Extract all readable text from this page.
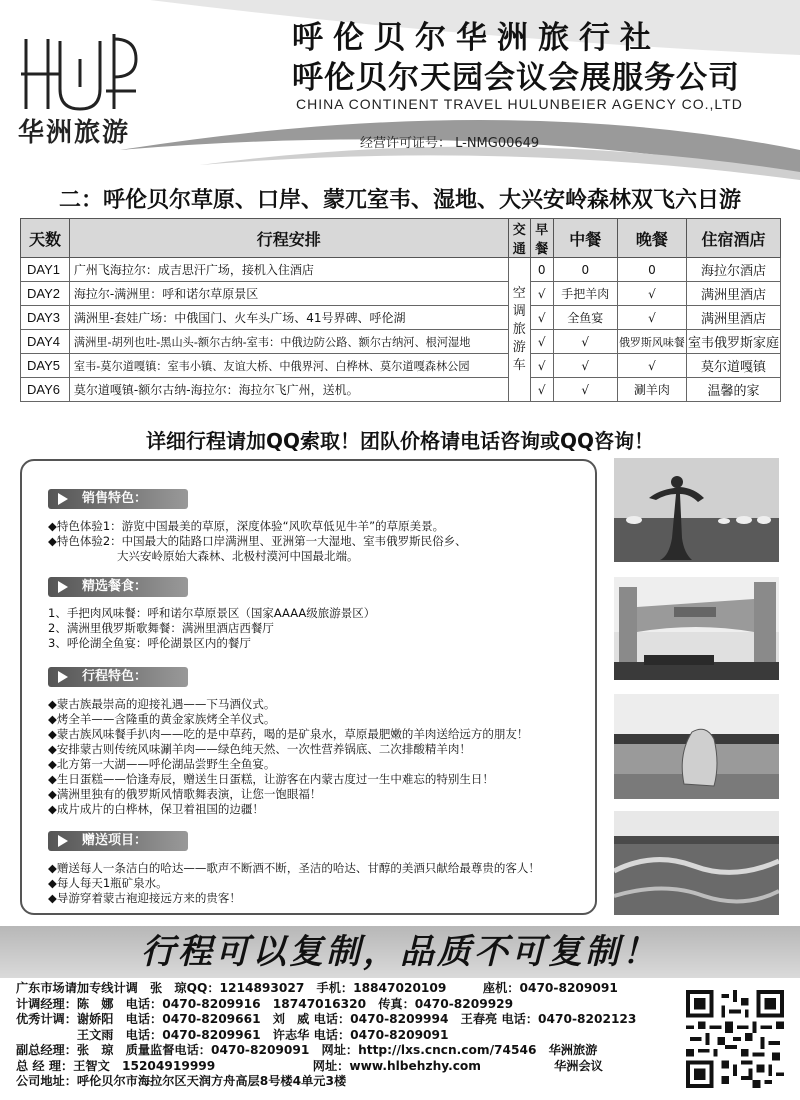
华洲旅游
呼伦贝尔华洲旅行社
呼伦贝尔天园会议会展服务公司
CHINA CONTINENT TRAVEL HULUNBEIER AGENCY CO.,LTD
经营许可证号： L-NMG00649
二：呼伦贝尔草原、口岸、蒙兀室韦、湿地、大兴安岭森林双飞六日游
天数	行程安排	交通	早餐	中餐	晚餐	住宿酒店
DAY1	广州飞海拉尔：成吉思汗广场，接机入住酒店	空调旅游车	0	0	0	海拉尔酒店
DAY2	海拉尔-满洲里：呼和诺尔草原景区		√	手把羊肉	√	满洲里酒店
DAY3	满洲里-套娃广场：中俄国门、火车头广场、41号界碑、呼伦湖		√	全鱼宴	√	满洲里酒店
DAY4	满洲里-胡列也吐-黑山头-额尔古纳-室韦：中俄边防公路、额尔古纳河、根河湿地		√	√	俄罗斯风味餐	室韦俄罗斯家庭
DAY5	室韦-莫尔道嘎镇：室韦小镇、友谊大桥、中俄界河、白桦林、莫尔道嘎森林公园		√	√	√	莫尔道嘎镇
DAY6	莫尔道嘎镇-额尔古纳-海拉尔：海拉尔飞广州，送机。		√	√	涮羊肉	温馨的家
详细行程请加QQ索取！团队价格请电话咨询或QQ咨询！
销售特色：
◆特色体验1：游览中国最美的草原，深度体验“风吹草低见牛羊”的草原美景。
◆特色体验2：中国最大的陆路口岸满洲里、亚洲第一大湿地、室韦俄罗斯民俗乡、
　　　　　　大兴安岭原始大森林、北极村漠河中国最北端。
精选餐食：
1、手把肉风味餐：呼和诺尔草原景区（国家AAAA级旅游景区）
2、满洲里俄罗斯歌舞餐：满洲里酒店西餐厅
3、呼伦湖全鱼宴：呼伦湖景区内的餐厅
行程特色：
◆蒙古族最崇高的迎接礼遇——下马酒仪式。
◆烤全羊——含隆重的黄金家族烤全羊仪式。
◆蒙古族风味餐手扒肉——吃的是中草药，喝的是矿泉水，草原最肥嫩的羊肉送给远方的朋友！
◆安排蒙古则传统风味涮羊肉——绿色纯天然、一次性营养锅底、二次排酸精羊肉！
◆北方第一大湖——呼伦湖品尝野生全鱼宴。
◆生日蛋糕——恰逢寿辰，赠送生日蛋糕，让游客在内蒙古度过一生中难忘的特别生日！
◆满洲里独有的俄罗斯风情歌舞表演，让您一饱眼福！
◆成片成片的白桦林，保卫着祖国的边疆！
赠送项目：
◆赠送每人一条洁白的哈达——歌声不断酒不断，圣洁的哈达、甘醇的美酒只献给最尊贵的客人！
◆每人每天1瓶矿泉水。
◆导游穿着蒙古袍迎接远方来的贵客！
行程可以复制，品质不可复制！
广东市场请加专线计调　张　琼QQ：1214893027　手机：18847020109　　　座机：0470-8209091
计调经理：陈　娜　电话：0470-8209916　18747016320　传真：0470-8209929
优秀计调：谢娇阳　电话：0470-8209661　刘　威 电话：0470-8209994　王春亮 电话：0470-8202123
　　　　　王文雨　电话：0470-8209961　许志华 电话：0470-8209091
副总经理：张　琼　质量监督电话：0470-8209091　网址：http://lxs.cncn.com/74546　华洲旅游
总 经 理：王智文　15204919999　　　　　　　　网址：www.hlbehzhy.com　　　　　　华洲会议
公司地址：呼伦贝尔市海拉尔区天润方舟高层8号楼4单元3楼
